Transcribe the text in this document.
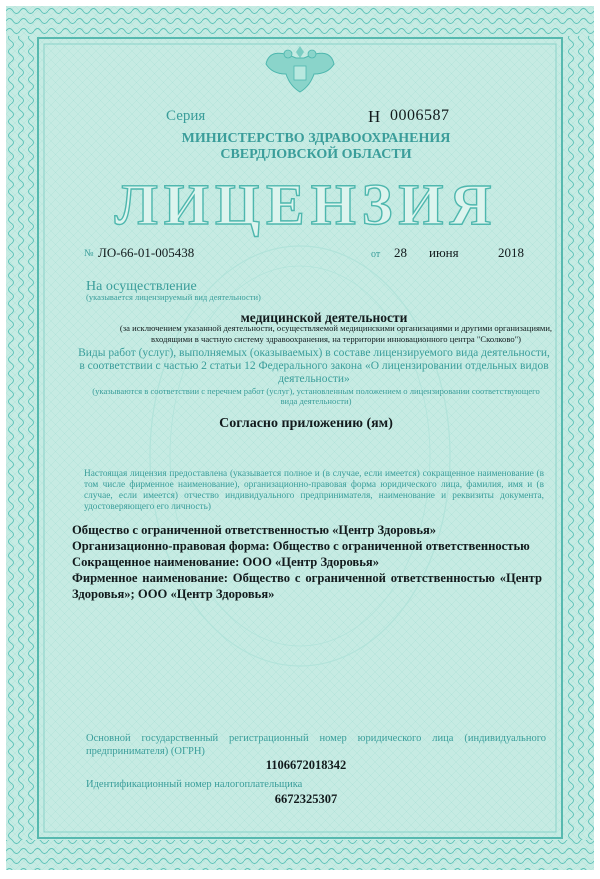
Серия	Н 0006587
МИНИСТЕРСТВО ЗДРАВООХРАНЕНИЯ СВЕРДЛОВСКОЙ ОБЛАСТИ
ЛИЦЕНЗИЯ
№ ЛО-66-01-005438	от 28 июня	2018
На осуществление
(указывается лицензируемый вид деятельности)
медицинской деятельности
(за исключением указанной деятельности, осуществляемой медицинскими организациями и другими организациями, входящими в частную систему здравоохранения, на территории инновационного центра "Сколково")
Виды работ (услуг), выполняемых (оказываемых) в составе лицензируемого вида деятельности, в соответствии с частью 2 статьи 12 Федерального закона «О лицензировании отдельных видов деятельности»
(указываются в соответствии с перечнем работ (услуг), установленным положением о лицензировании соответствующего вида деятельности)
Согласно приложению (ям)
Настоящая лицензия предоставлена (указывается полное и (в случае, если имеется) сокращенное наименование (в том числе фирменное наименование), организационно-правовая форма юридического лица, фамилия, имя и (в случае, если имеется) отчество индивидуального предпринимателя, наименование и реквизиты документа, удостоверяющего его личность)
Общество с ограниченной ответственностью «Центр Здоровья»
Организационно-правовая форма: Общество с ограниченной ответственностью
Сокращенное наименование: ООО «Центр Здоровья»
Фирменное наименование: Общество с ограниченной ответственностью «Центр Здоровья»; ООО «Центр Здоровья»
Основной государственный регистрационный номер юридического лица (индивидуального предпринимателя) (ОГРН)
1106672018342
Идентификационный номер налогоплательщика
6672325307
